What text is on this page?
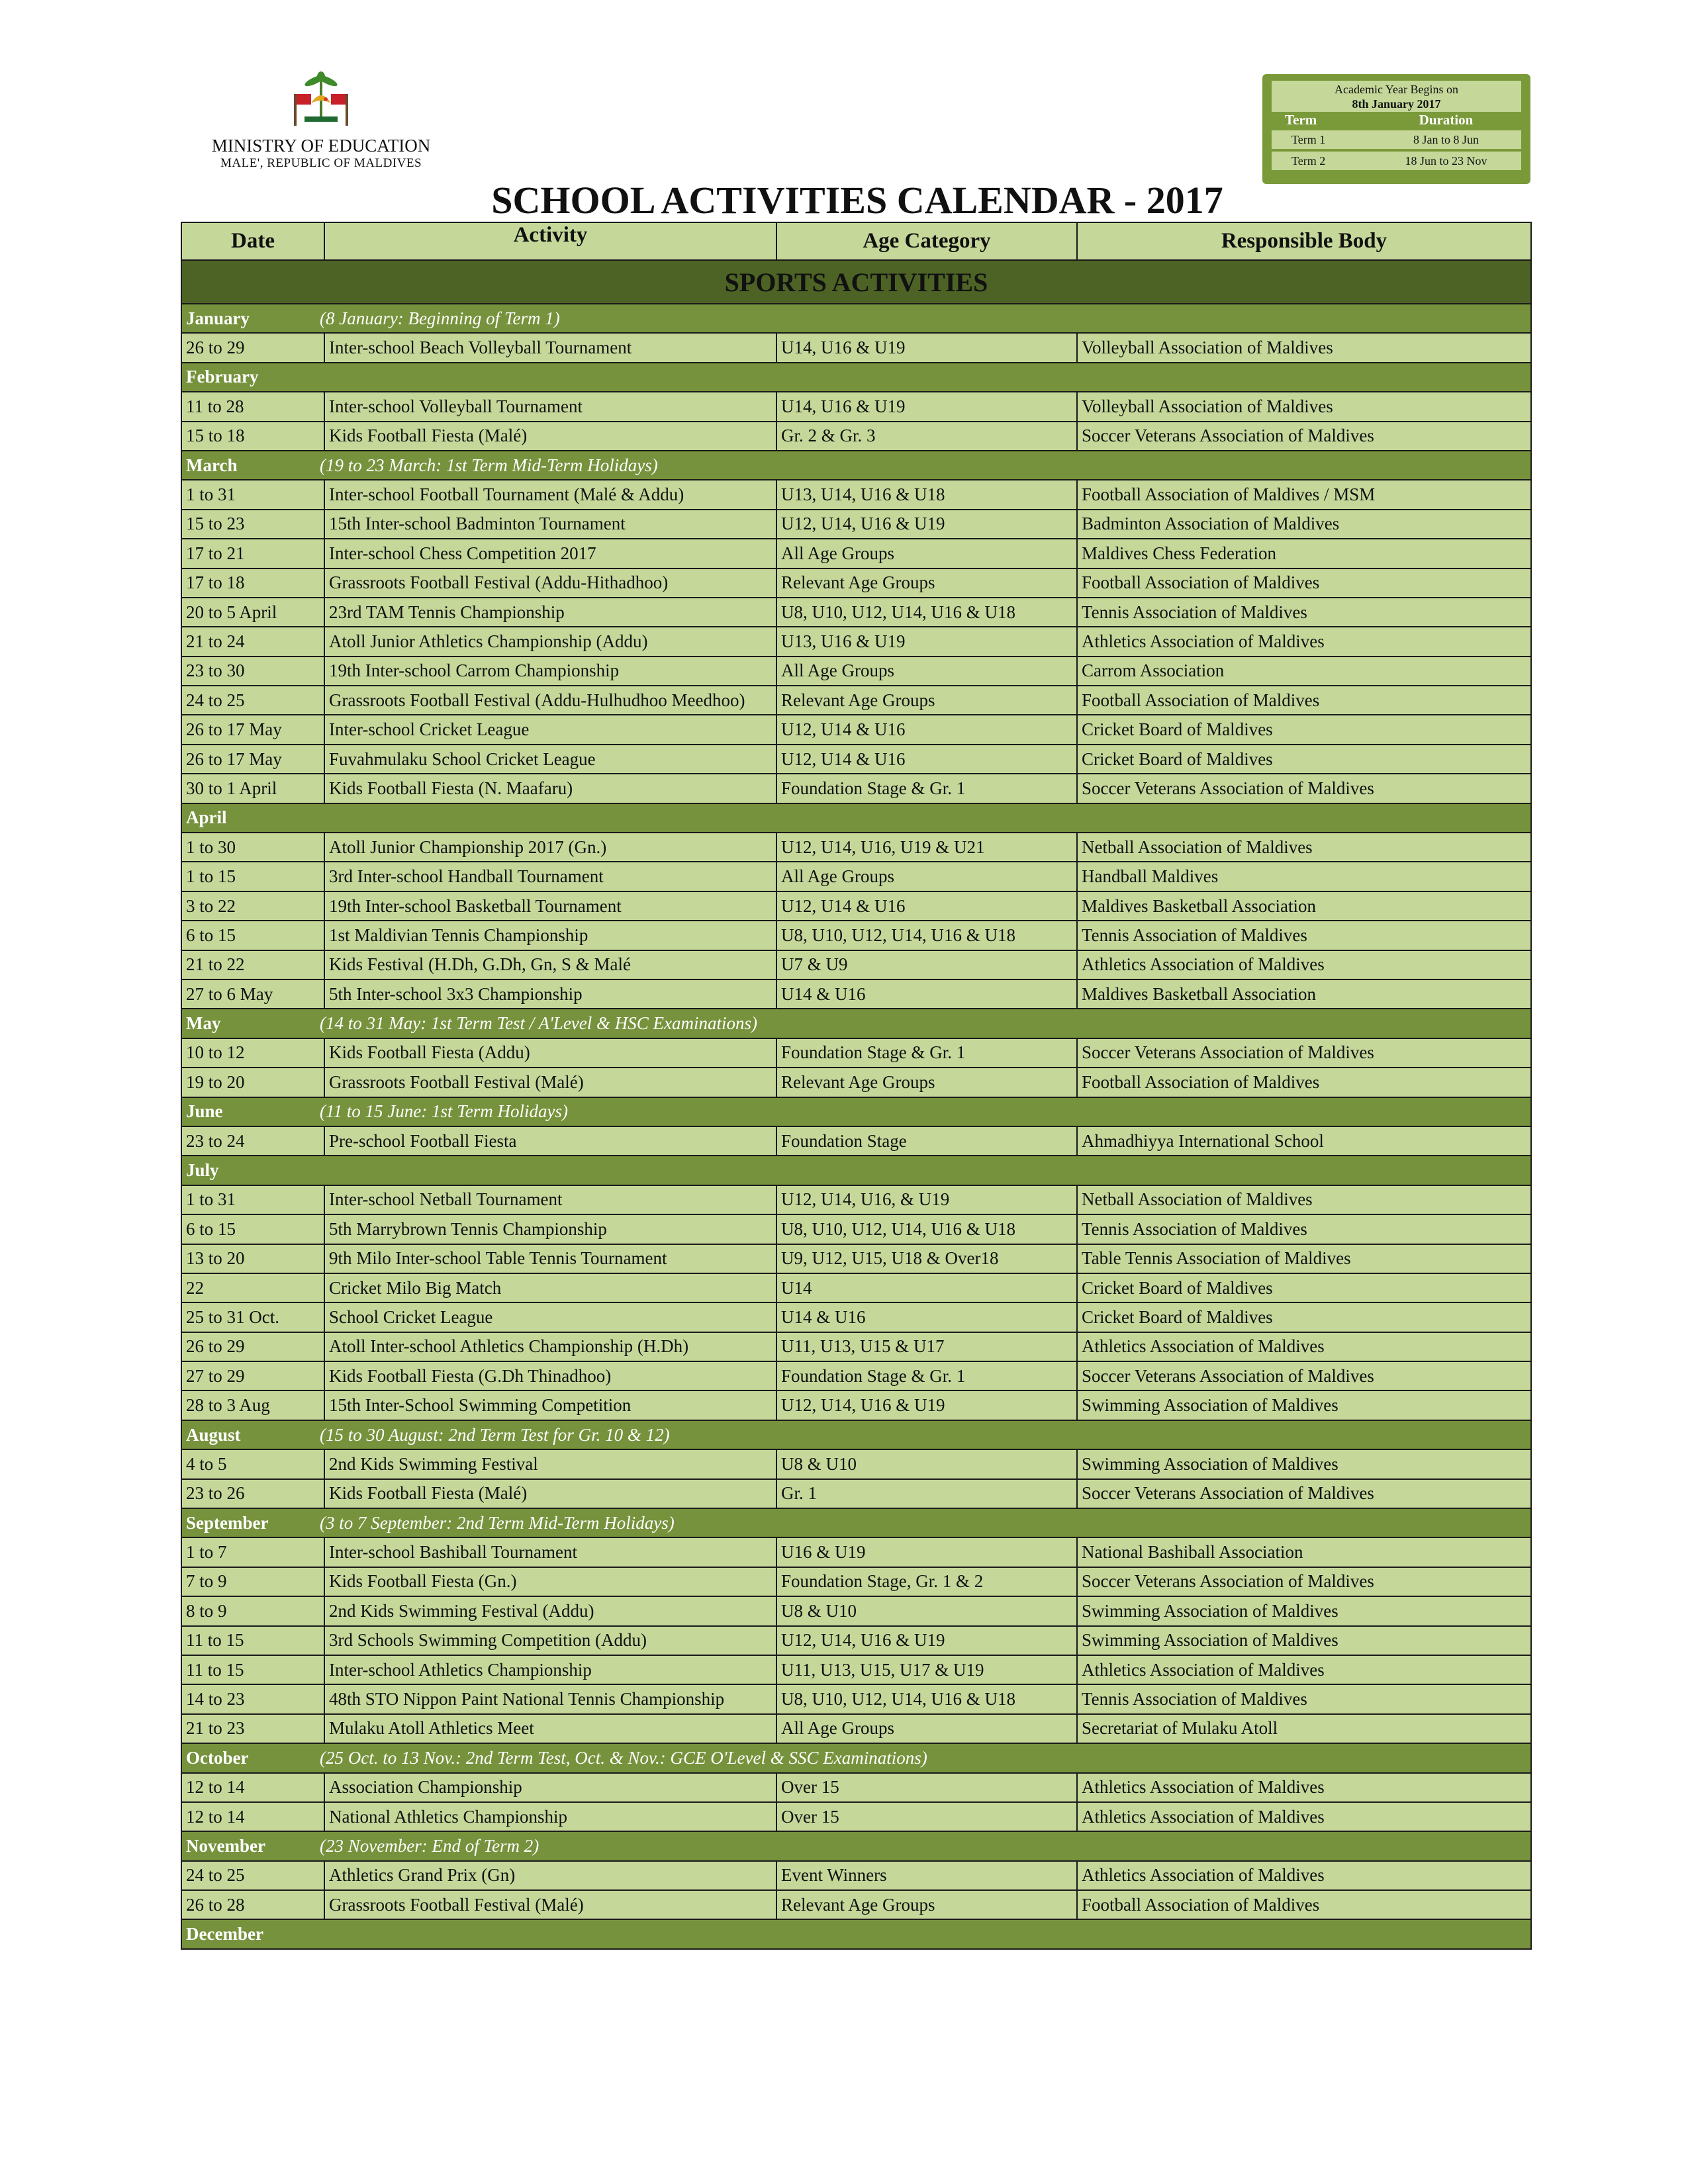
MINISTRY OF EDUCATION
MALE', REPUBLIC OF MALDIVES
Academic Year Begins on
8th January 2017
Term	Duration
Term 1	8 Jan to 8 Jun
Term 2	18 Jun to 23 Nov
SCHOOL ACTIVITIES CALENDAR - 2017
Date	Activity	Age Category	Responsible Body
SPORTS ACTIVITIES			
January (8 January: Beginning of Term 1)			
26 to 29	Inter-school Beach Volleyball Tournament	U14, U16 & U19	Volleyball Association of Maldives
February			
11 to 28	Inter-school Volleyball Tournament	U14, U16 & U19	Volleyball Association of Maldives
15 to 18	Kids Football Fiesta (Malé)	Gr. 2 & Gr. 3	Soccer Veterans Association of Maldives
March (19 to 23 March: 1st Term Mid-Term Holidays)			
1 to 31	Inter-school Football Tournament (Malé & Addu)	U13, U14, U16 & U18	Football Association of Maldives / MSM
15 to 23	15th Inter-school Badminton Tournament	U12, U14, U16 & U19	Badminton Association of Maldives
17 to 21	Inter-school Chess Competition 2017	All Age Groups	Maldives Chess Federation
17 to 18	Grassroots Football Festival (Addu-Hithadhoo)	Relevant Age Groups	Football Association of Maldives
20 to 5 April	23rd TAM Tennis Championship	U8, U10, U12, U14, U16 & U18	Tennis Association of Maldives
21 to 24	Atoll Junior Athletics Championship (Addu)	U13, U16 & U19	Athletics Association of Maldives
23 to 30	19th Inter-school Carrom Championship	All Age Groups	Carrom Association
24 to 25	Grassroots Football Festival (Addu-Hulhudhoo Meedhoo)	Relevant Age Groups	Football Association of Maldives
26 to 17 May	Inter-school Cricket League	U12, U14 & U16	Cricket Board of Maldives
26 to 17 May	Fuvahmulaku School Cricket League	U12, U14 & U16	Cricket Board of Maldives
30 to 1 April	Kids Football Fiesta (N. Maafaru)	Foundation Stage & Gr. 1	Soccer Veterans Association of Maldives
April			
1 to 30	Atoll Junior Championship 2017 (Gn.)	U12, U14, U16, U19 & U21	Netball Association of Maldives
1 to 15	3rd Inter-school Handball Tournament	All Age Groups	Handball Maldives
3 to 22	19th Inter-school Basketball Tournament	U12, U14 & U16	Maldives Basketball Association
6 to 15	1st Maldivian Tennis Championship	U8, U10, U12, U14, U16 & U18	Tennis Association of Maldives
21 to 22	Kids Festival (H.Dh, G.Dh, Gn, S & Malé	U7 & U9	Athletics Association of Maldives
27 to 6 May	5th Inter-school 3x3 Championship	U14 & U16	Maldives Basketball Association
May (14 to 31 May: 1st Term Test / A'Level & HSC Examinations)			
10 to 12	Kids Football Fiesta (Addu)	Foundation Stage & Gr. 1	Soccer Veterans Association of Maldives
19 to 20	Grassroots Football Festival (Malé)	Relevant Age Groups	Football Association of Maldives
June (11 to 15 June: 1st Term Holidays)			
23 to 24	Pre-school Football Fiesta	Foundation Stage	Ahmadhiyya International School
July			
1 to 31	Inter-school Netball Tournament	U12, U14, U16, & U19	Netball Association of Maldives
6 to 15	5th Marrybrown Tennis Championship	U8, U10, U12, U14, U16 & U18	Tennis Association of Maldives
13 to 20	9th Milo Inter-school Table Tennis Tournament	U9, U12, U15, U18 & Over18	Table Tennis Association of Maldives
22	Cricket Milo Big Match	U14	Cricket Board of Maldives
25 to 31 Oct.	School Cricket League	U14 & U16	Cricket Board of Maldives
26 to 29	Atoll Inter-school Athletics Championship (H.Dh)	U11, U13, U15 & U17	Athletics Association of Maldives
27 to 29	Kids Football Fiesta (G.Dh Thinadhoo)	Foundation Stage & Gr. 1	Soccer Veterans Association of Maldives
28 to 3 Aug	15th Inter-School Swimming Competition	U12, U14, U16 & U19	Swimming Association of Maldives
August (15 to 30 August: 2nd Term Test for Gr. 10 & 12)			
4 to 5	2nd Kids Swimming Festival	U8 & U10	Swimming Association of Maldives
23 to 26	Kids Football Fiesta (Malé)	Gr. 1	Soccer Veterans Association of Maldives
September (3 to 7 September: 2nd Term Mid-Term Holidays)			
1 to 7	Inter-school Bashiball Tournament	U16 & U19	National Bashiball Association
7 to 9	Kids Football Fiesta (Gn.)	Foundation Stage, Gr. 1 & 2	Soccer Veterans Association of Maldives
8 to 9	2nd Kids Swimming Festival (Addu)	U8 & U10	Swimming Association of Maldives
11 to 15	3rd Schools Swimming Competition (Addu)	U12, U14, U16 & U19	Swimming Association of Maldives
11 to 15	Inter-school Athletics Championship	U11, U13, U15, U17 & U19	Athletics Association of Maldives
14 to 23	48th STO Nippon Paint National Tennis Championship	U8, U10, U12, U14, U16 & U18	Tennis Association of Maldives
21 to 23	Mulaku Atoll Athletics Meet	All Age Groups	Secretariat of Mulaku Atoll
October (25 Oct. to 13 Nov.: 2nd Term Test, Oct. & Nov.: GCE O'Level & SSC Examinations)			
12 to 14	Association Championship	Over 15	Athletics Association of Maldives
12 to 14	National Athletics Championship	Over 15	Athletics Association of Maldives
November (23 November: End of Term 2)			
24 to 25	Athletics Grand Prix (Gn)	Event Winners	Athletics Association of Maldives
26 to 28	Grassroots Football Festival (Malé)	Relevant Age Groups	Football Association of Maldives
December			
